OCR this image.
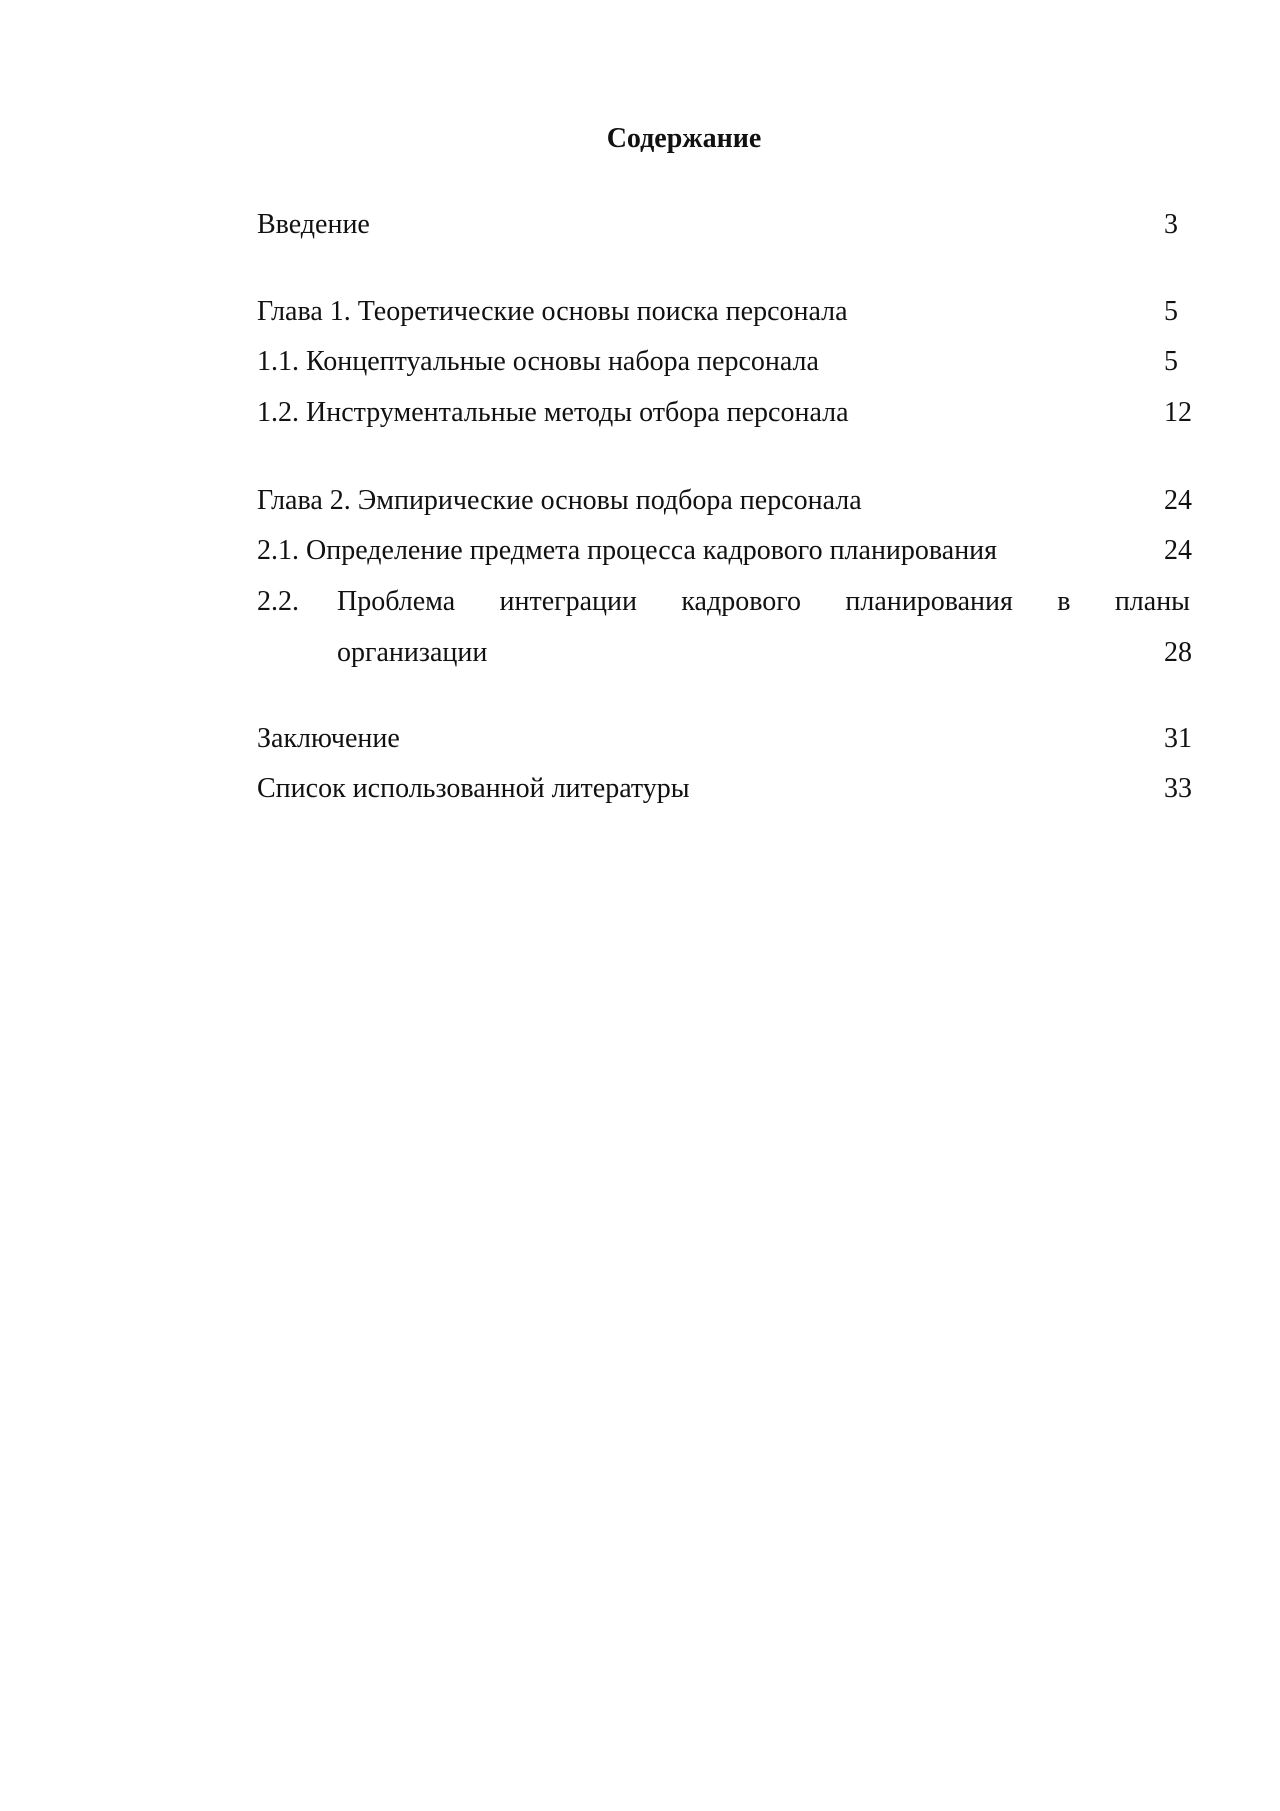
Содержание
Введение	3
Глава 1. Теоретические основы поиска персонала	5
1.1. Концептуальные основы набора персонала	5
1.2. Инструментальные методы отбора персонала	12
Глава 2. Эмпирические основы подбора персонала	24
2.1. Определение предмета процесса кадрового планирования	24
2.2. Проблема интеграции кадрового планирования в планы
организации	28
Заключение	31
Список использованной литературы	33
